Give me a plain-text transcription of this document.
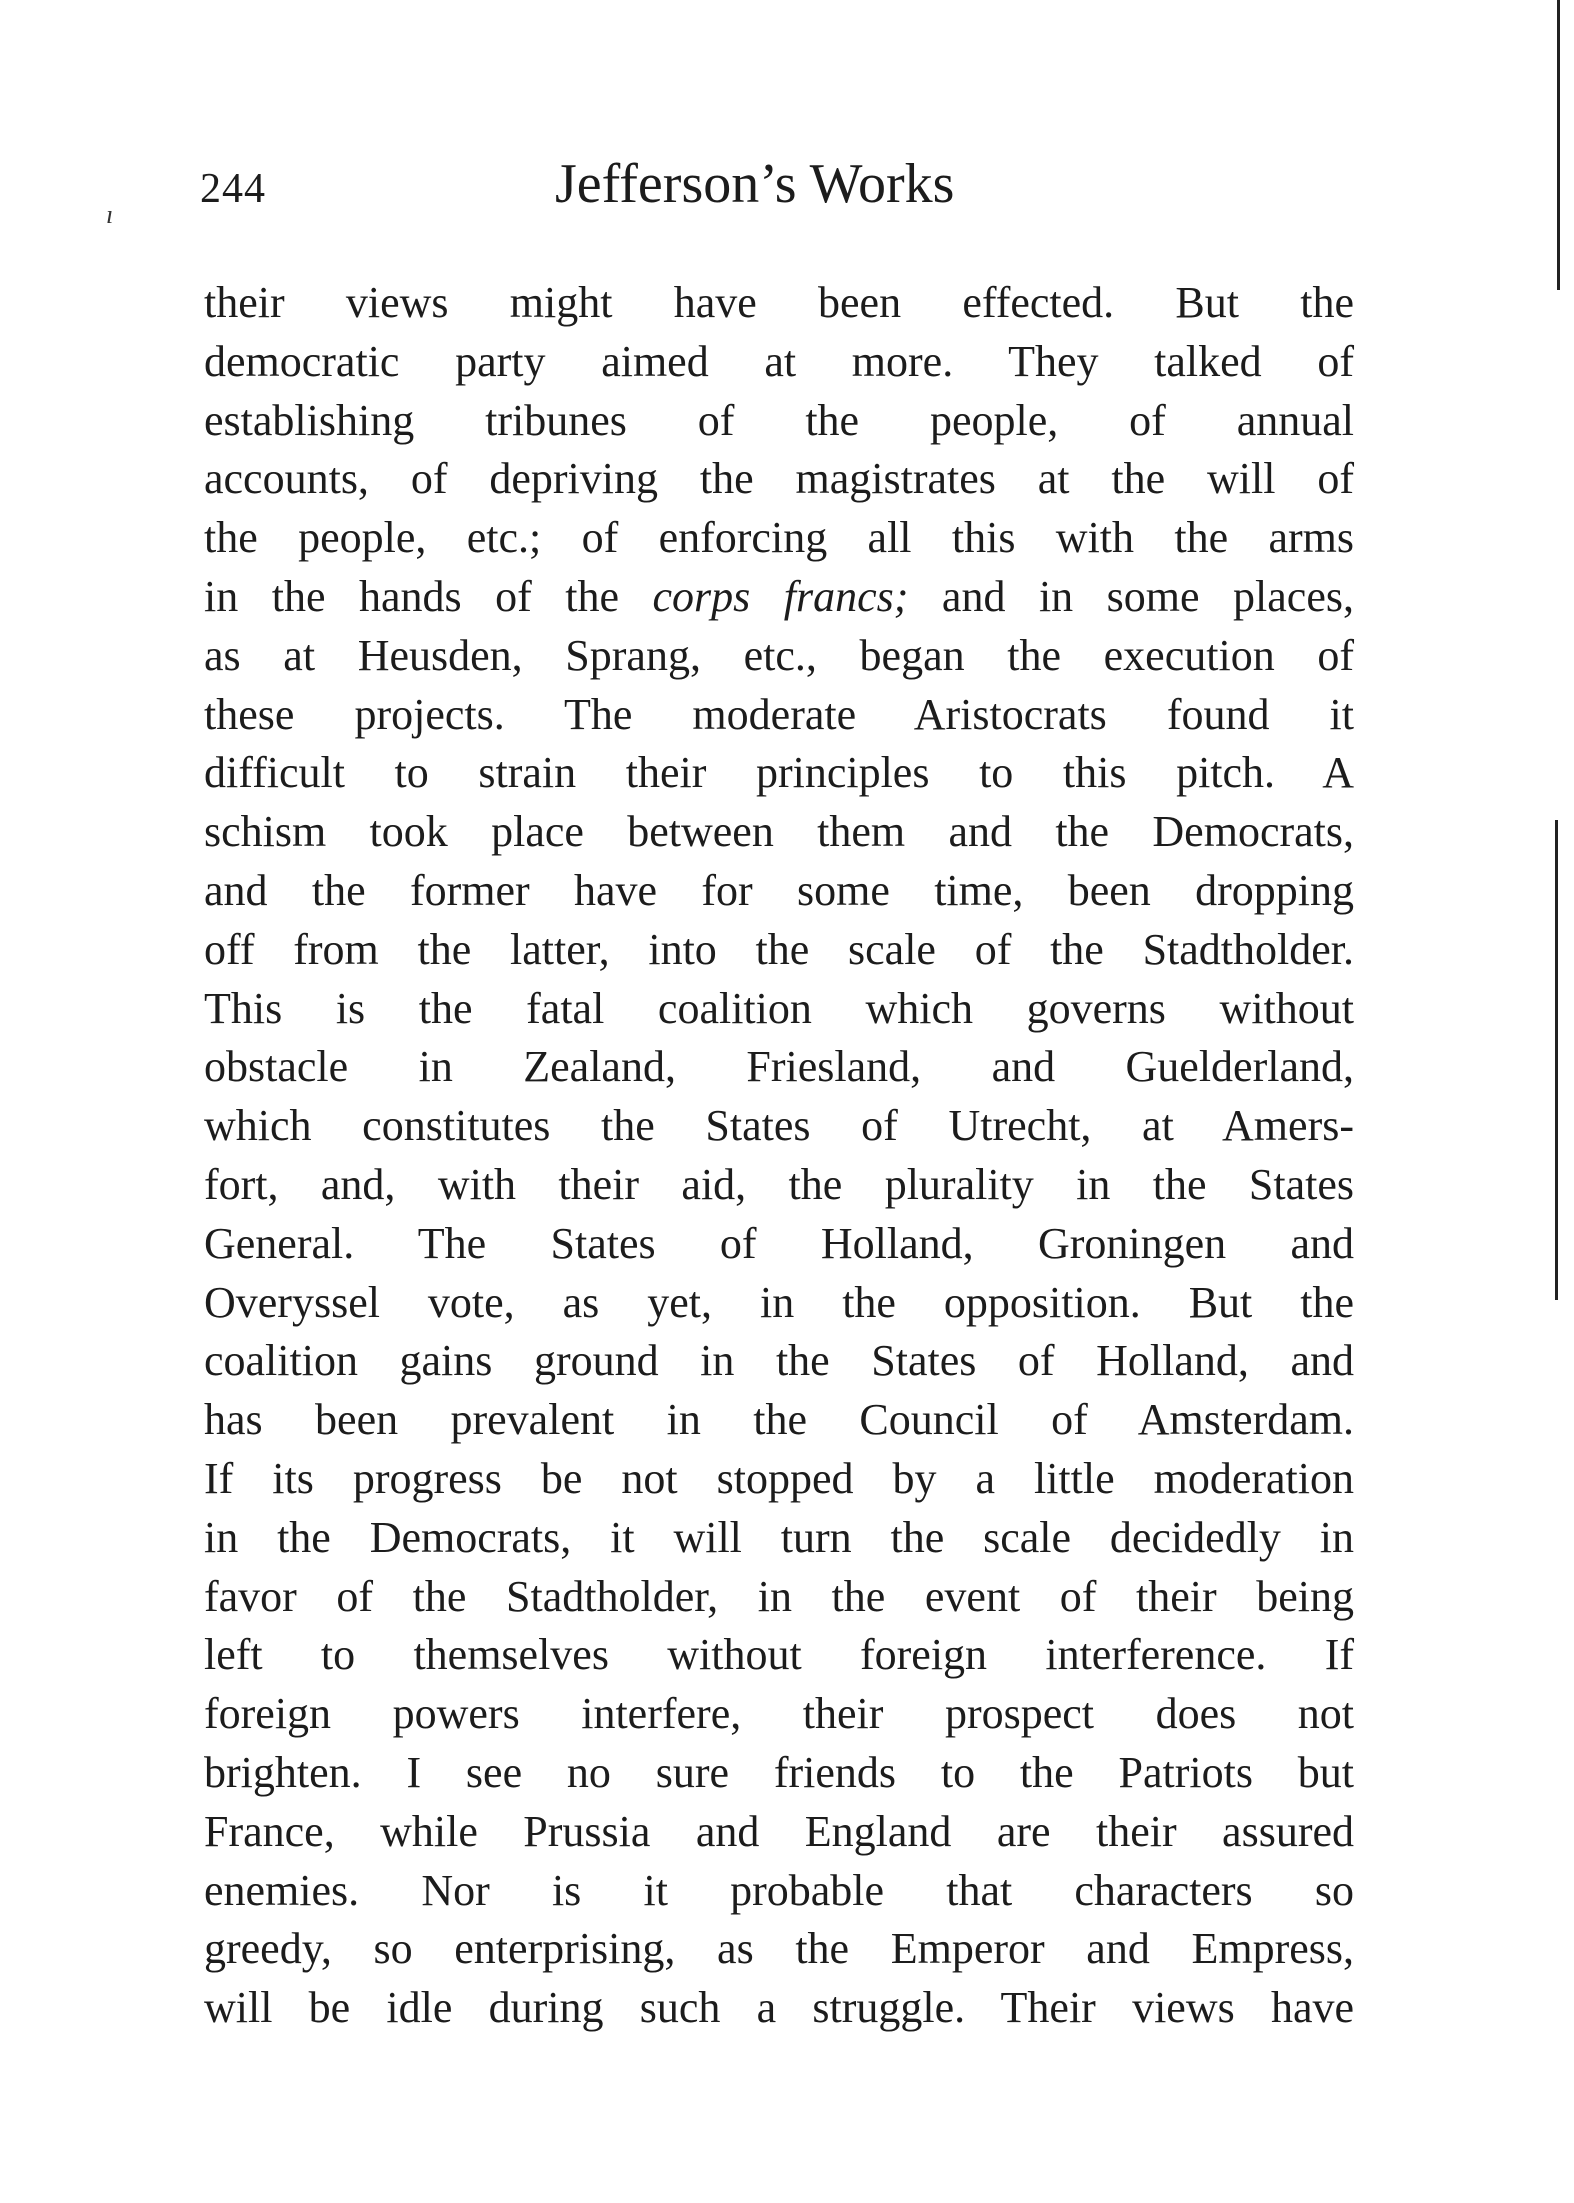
ı
244	Jefferson’s Works
their views might have been effected. But the
democratic party aimed at more. They talked of
establishing tribunes of the people, of annual
accounts, of depriving the magistrates at the will of
the people, etc.; of enforcing all this with the arms
in the hands of the corps francs; and in some places,
as at Heusden, Sprang, etc., began the execution of
these projects. The moderate Aristocrats found it
difficult to strain their principles to this pitch. A
schism took place between them and the Democrats,
and the former have for some time, been dropping
off from the latter, into the scale of the Stadtholder.
This is the fatal coalition which governs without
obstacle in Zealand, Friesland, and Guelderland,
which constitutes the States of Utrecht, at Amers-
fort, and, with their aid, the plurality in the States
General. The States of Holland, Groningen and
Overyssel vote, as yet, in the opposition. But the
coalition gains ground in the States of Holland, and
has been prevalent in the Council of Amsterdam.
If its progress be not stopped by a little moderation
in the Democrats, it will turn the scale decidedly in
favor of the Stadtholder, in the event of their being
left to themselves without foreign interference. If
foreign powers interfere, their prospect does not
brighten. I see no sure friends to the Patriots but
France, while Prussia and England are their assured
enemies. Nor is it probable that characters so
greedy, so enterprising, as the Emperor and Empress,
will be idle during such a struggle. Their views have
